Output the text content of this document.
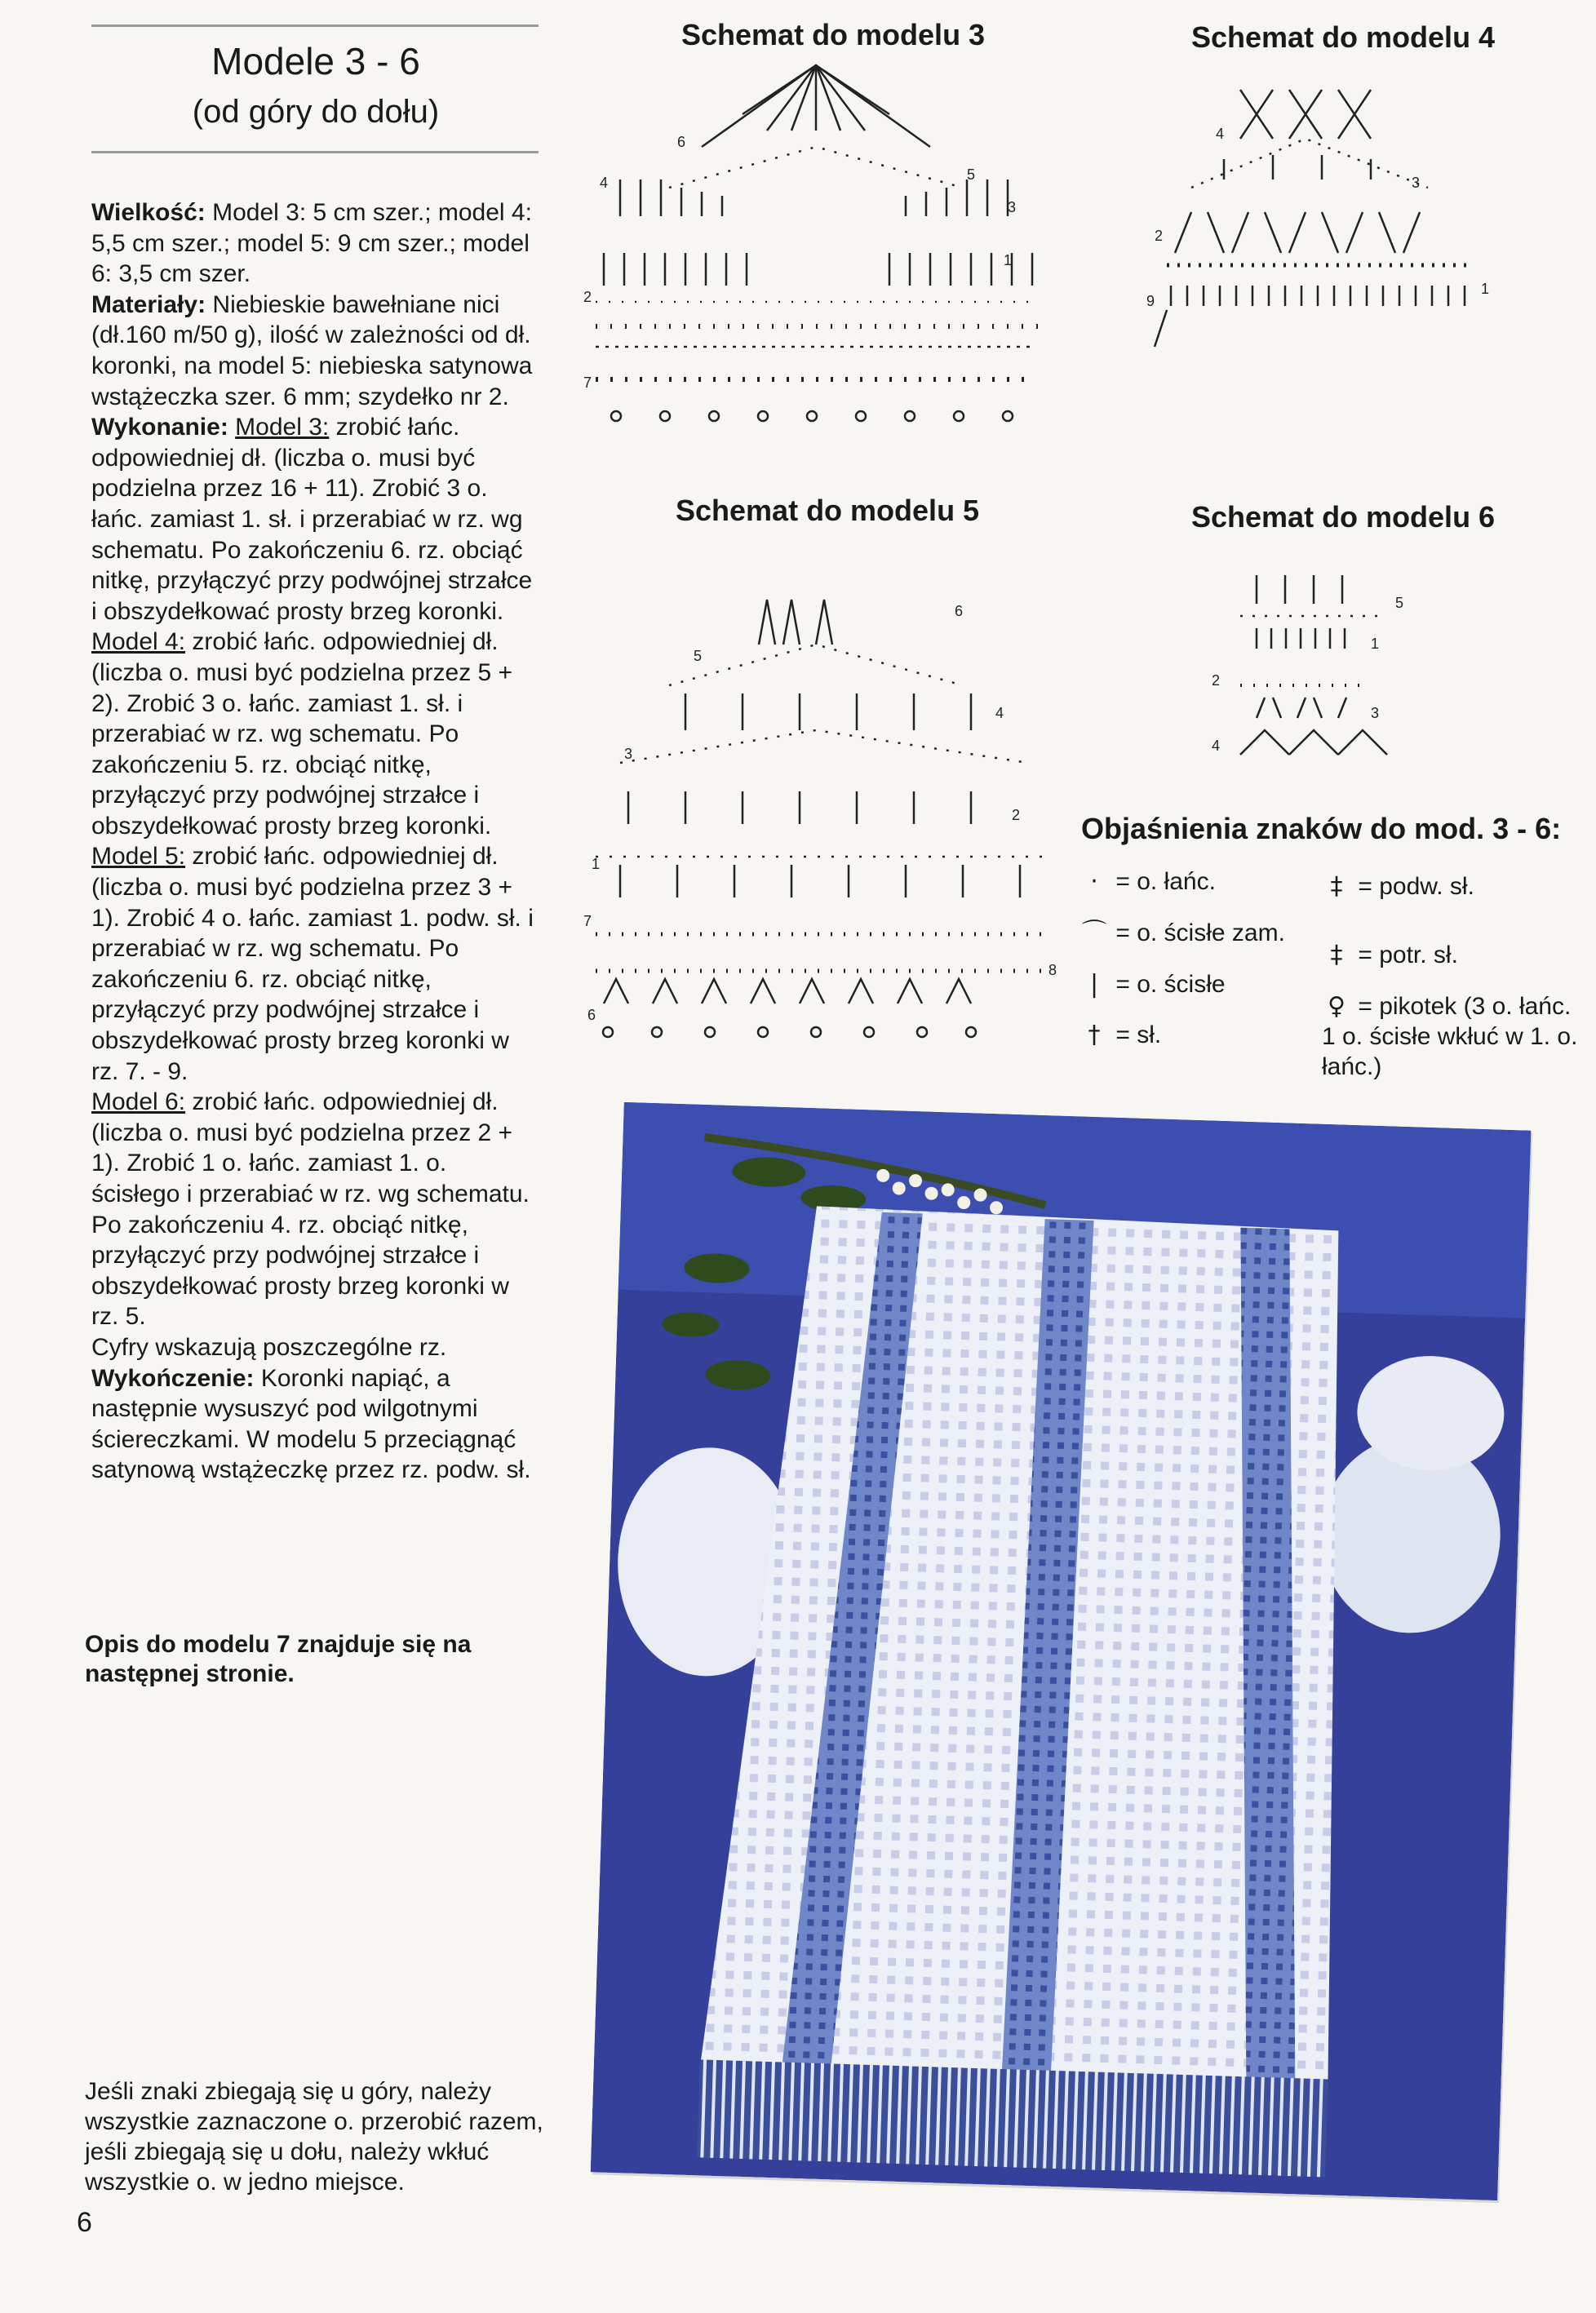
Modele 3 - 6
(od góry do dołu)

Wielkość: Model 3: 5 cm szer.; model 4: 5,5 cm szer.; model 5: 9 cm szer.; model 6: 3,5 cm szer.

Materiały: Niebieskie bawełniane nici (dł.160 m/50 g), ilość w zależności od dł. koronki, na model 5: niebieska satynowa wstążeczka szer. 6 mm; szydełko nr 2.

Wykonanie: Model 3: zrobić łańc. odpowiedniej dł. (liczba o. musi być podzielna przez 16 + 11). Zrobić 3 o. łańc. zamiast 1. sł. i przerabiać w rz. wg schematu. Po zakończeniu 6. rz. obciąć nitkę, przyłączyć przy podwójnej strzałce i obszydełkować prosty brzeg koronki.

Model 4: zrobić łańc. odpowiedniej dł. (liczba o. musi być podzielna przez 5 + 2). Zrobić 3 o. łańc. zamiast 1. sł. i przerabiać w rz. wg schematu. Po zakończeniu 5. rz. obciąć nitkę, przyłączyć przy podwójnej strzałce i obszydełkować prosty brzeg koronki.

Model 5: zrobić łańc. odpowiedniej dł. (liczba o. musi być podzielna przez 3 + 1). Zrobić 4 o. łańc. zamiast 1. podw. sł. i przerabiać w rz. wg schematu. Po zakończeniu 6. rz. obciąć nitkę, przyłączyć przy podwójnej strzałce i obszydełkować prosty brzeg koronki w rz. 7. - 9.

Model 6: zrobić łańc. odpowiedniej dł. (liczba o. musi być podzielna przez 2 + 1). Zrobić 1 o. łańc. zamiast 1. o. ścisłego i przerabiać w rz. wg schematu. Po zakończeniu 4. rz. obciąć nitkę, przyłączyć przy podwójnej strzałce i obszydełkować prosty brzeg koronki w rz. 5.

Cyfry wskazują poszczególne rz.

Wykończenie: Koronki napiąć, a następnie wysuszyć pod wilgotnymi ściereczkami. W modelu 5 przeciągnąć satynową wstążeczkę przez rz. podw. sł.

Opis do modelu 7 znajduje się na następnej stronie.
Jeśli znaki zbiegają się u góry, należy wszystkie zaznaczone o. przerobić razem, jeśli zbiegają się u dołu, należy wkłuć wszystkie o. w jedno miejsce.
6
Schemat do modelu 3
1
2
3
4	5
6
7
Schemat do modelu 4
1
2
3
4
9
Schemat do modelu 5
1
2
3
4
5
6
7
8
6
Schemat do modelu 6
1
2
3
4
5
Objaśnienia znaków do mod. 3 - 6:
· = o. łańc.
⌒ = o. ścisłe zam.
| = o. ścisłe
† = sł.
‡ = podw. sł.
‡ = potr. sł.
♀ = pikotek (3 o. łańc. 1 o. ścisłe wkłuć w 1. o. łańc.)
